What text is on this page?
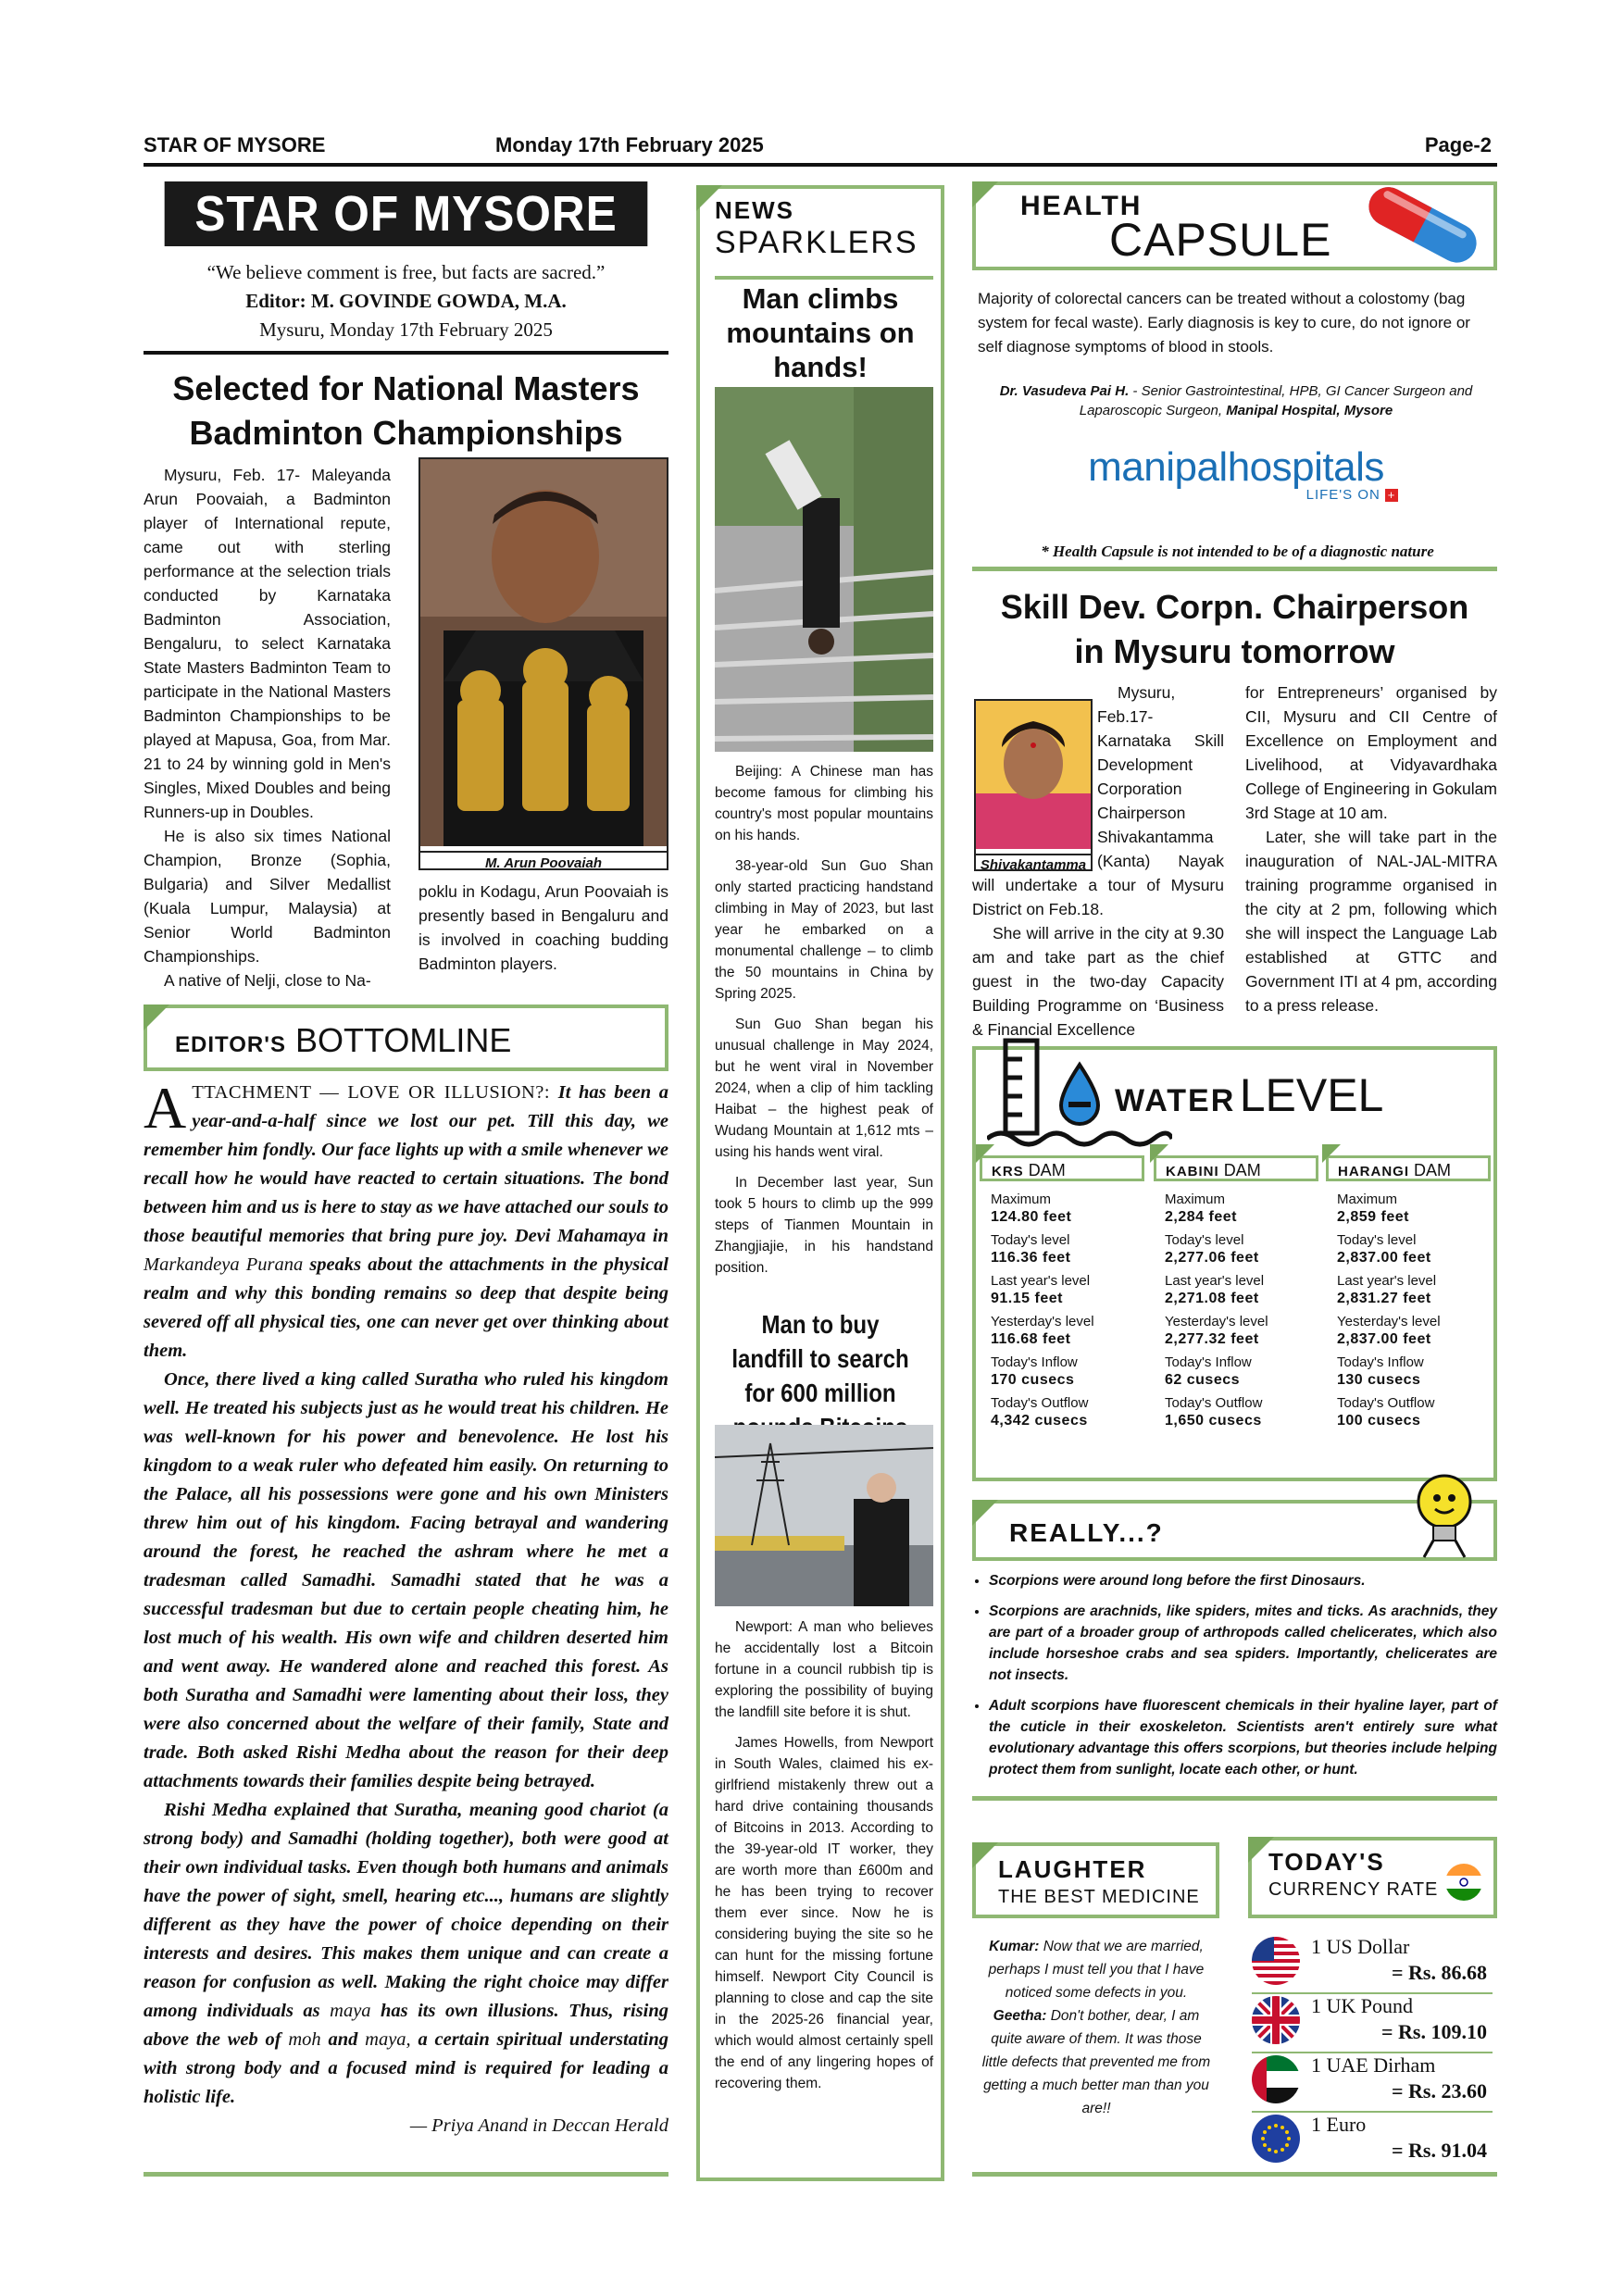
STAR OF MYSORE	Monday 17th February 2025	Page-2
STAR OF MYSORE
“We believe comment is free, but facts are sacred.”
Editor: M. GOVINDE GOWDA, M.A.
Mysuru, Monday 17th February 2025
Selected for National Masters
Badminton Championships

Mysuru, Feb. 17- Maleyanda Arun Poovaiah, a Badminton player of International repute, came out with sterling performance at the selection trials conducted by Karnataka Badminton Association, Bengaluru, to select Karnataka State Masters Badminton Team to participate in the National Masters Badminton Championships to be played at Mapusa, Goa, from Mar. 21 to 24 by winning gold in Men's Singles, Mixed Doubles and being Runners-up in Doubles.

He is also six times National Champion, Bronze (Sophia, Bulgaria) and Silver Medallist (Kuala Lumpur, Malaysia) at Senior World Badminton Championships.

A native of Nelji, close to Na-

M. Arun Poovaiah
poklu in Kodagu, Arun Poovaiah is presently based in Bengaluru and is involved in coaching budding Badminton players.
EDITOR'S BOTTOMLINE

ATTACHMENT — LOVE OR ILLUSION?: It has been a year-and-a-half since we lost our pet. Till this day, we remember him fondly. Our face lights up with a smile whenever we recall how he would have reacted to certain situations. The bond between him and us is here to stay as we have attached our souls to those beautiful memories that bring pure joy. Devi Mahamaya in Markandeya Purana speaks about the attachments in the physical realm and why this bonding remains so deep that despite being severed off all physical ties, one can never get over thinking about them.

Once, there lived a king called Suratha who ruled his kingdom well. He treated his subjects just as he would treat his children. He was well-known for his power and benevolence. He lost his kingdom to a weak ruler who defeated him easily. On returning to the Palace, all his possessions were gone and his own Ministers threw him out of his kingdom. Facing betrayal and wandering around the forest, he reached the ashram where he met a tradesman called Samadhi. Samadhi stated that he was a successful tradesman but due to certain people cheating him, he lost much of his wealth. His own wife and children deserted him and went away. He wandered alone and reached this forest. As both Suratha and Samadhi were lamenting about their loss, they were also concerned about the welfare of their family, State and trade. Both asked Rishi Medha about the reason for their deep attachments towards their families despite being betrayed.

Rishi Medha explained that Suratha, meaning good chariot (a strong body) and Samadhi (holding together), both were good at their own individual tasks. Even though both humans and animals have the power of sight, smell, hearing etc..., humans are slightly different as they have the power of choice depending on their interests and desires. This makes them unique and can create a reason for confusion as well. Making the right choice may differ among individuals as maya has its own illusions. Thus, rising above the web of moh and maya, a certain spiritual understating with strong body and a focused mind is required for leading a holistic life.

— Priya Anand in Deccan Herald
NEWS
SPARKLERS
Man climbs mountains on hands!

Beijing: A Chinese man has become famous for climbing his country's most popular mountains on his hands.

38-year-old Sun Guo Shan only started practicing handstand climbing in May of 2023, but last year he embarked on a monumental challenge – to climb the 50 mountains in China by Spring 2025.

Sun Guo Shan began his unusual challenge in May 2024, but he went viral in November 2024, when a clip of him tackling Haibat – the highest peak of Wudang Mountain at 1,612 mts – using his hands went viral.

In December last year, Sun took 5 hours to climb up the 999 steps of Tianmen Mountain in Zhangjiajie, in his handstand position.

Man to buy landfill to search for 600 million

Newport: A man who believes he accidentally lost a Bitcoin fortune in a council rubbish tip is exploring the possibility of buying the landfill site before it is shut.

James Howells, from Newport in South Wales, claimed his ex-girlfriend mistakenly threw out a hard drive containing thousands of Bitcoins in 2013. According to the 39-year-old IT worker, they are worth more than £600m and he has been trying to recover them ever since. Now he is considering buying the site so he can hunt for the missing fortune himself. Newport City Council is planning to close and cap the site in the 2025-26 financial year, which would almost certainly spell the end of any lingering hopes of recovering them.

HEALTH
CAPSULE
Majority of colorectal cancers can be treated without a colostomy (bag system for fecal waste). Early diagnosis is key to cure, do not ignore or self diagnose symptoms of blood in stools.
Dr. Vasudeva Pai H. - Senior Gastrointestinal, HPB, GI Cancer Surgeon and Laparoscopic Surgeon, Manipal Hospital, Mysore
manipalhospitals
LIFE'S ON +
* Health Capsule is not intended to be of a diagnostic nature
Skill Dev. Corpn. Chairperson
in Mysuru tomorrow
Shivakantamma

Mysuru, Feb.17- Karnataka Skill Development Corporation Chairperson Shivakantamma (Kanta) Nayak will undertake a tour of Mysuru District on Feb.18.

She will arrive in the city at 9.30 am and take part as the chief guest in the two-day Capacity Building Programme on ‘Business & Financial Excellence

for Entrepreneurs’ organised by CII, Mysuru and CII Centre of Excellence on Employment and Livelihood, at Vidyavardhaka College of Engineering in Gokulam 3rd Stage at 10 am.

Later, she will take part in the inauguration of NAL-JAL-MITRA training programme organised in the city at 2 pm, following which she will inspect the Language Lab established at GTTC and Government ITI at 4 pm, according to a press release.

WATER LEVEL
KRS DAM
Maximum
124.80 feet
Today's level
116.36 feet
Last year's level
91.15 feet
Yesterday's level
116.68 feet
Today's Inflow
170 cusecs
Today's Outflow
4,342 cusecs
KABINI DAM
Maximum
2,284 feet
Today's level
2,277.06 feet
Last year's level
2,271.08 feet
Yesterday's level
2,277.32 feet
Today's Inflow
62 cusecs
Today's Outflow
1,650 cusecs
HARANGI DAM
Maximum
2,859 feet
Today's level
2,837.00 feet
Last year's level
2,831.27 feet
Yesterday's level
2,837.00 feet
Today's Inflow
130 cusecs
Today's Outflow
100 cusecs
REALLY...?
• Scorpions were around long before the first Dinosaurs.
• Scorpions are arachnids, like spiders, mites and ticks. As arachnids, they are part of a broader group of arthropods called chelicerates, which also include horseshoe crabs and sea spiders. Importantly, chelicerates are not insects.
• Adult scorpions have fluorescent chemicals in their hyaline layer, part of the cuticle in their exoskeleton. Scientists aren't entirely sure what evolutionary advantage this offers scorpions, but theories include helping protect them from sunlight, locate each other, or hunt.
LAUGHTER
THE BEST MEDICINE
Kumar: Now that we are married, perhaps I must tell you that I have noticed some defects in you. Geetha: Don't bother, dear, I am quite aware of them. It was those little defects that prevented me from getting a much better man than you are!!
TODAY'S
CURRENCY RATE
1 US Dollar
= Rs. 86.68
1 UK Pound
= Rs. 109.10
1 UAE Dirham
= Rs. 23.60
1 Euro
= Rs. 91.04
